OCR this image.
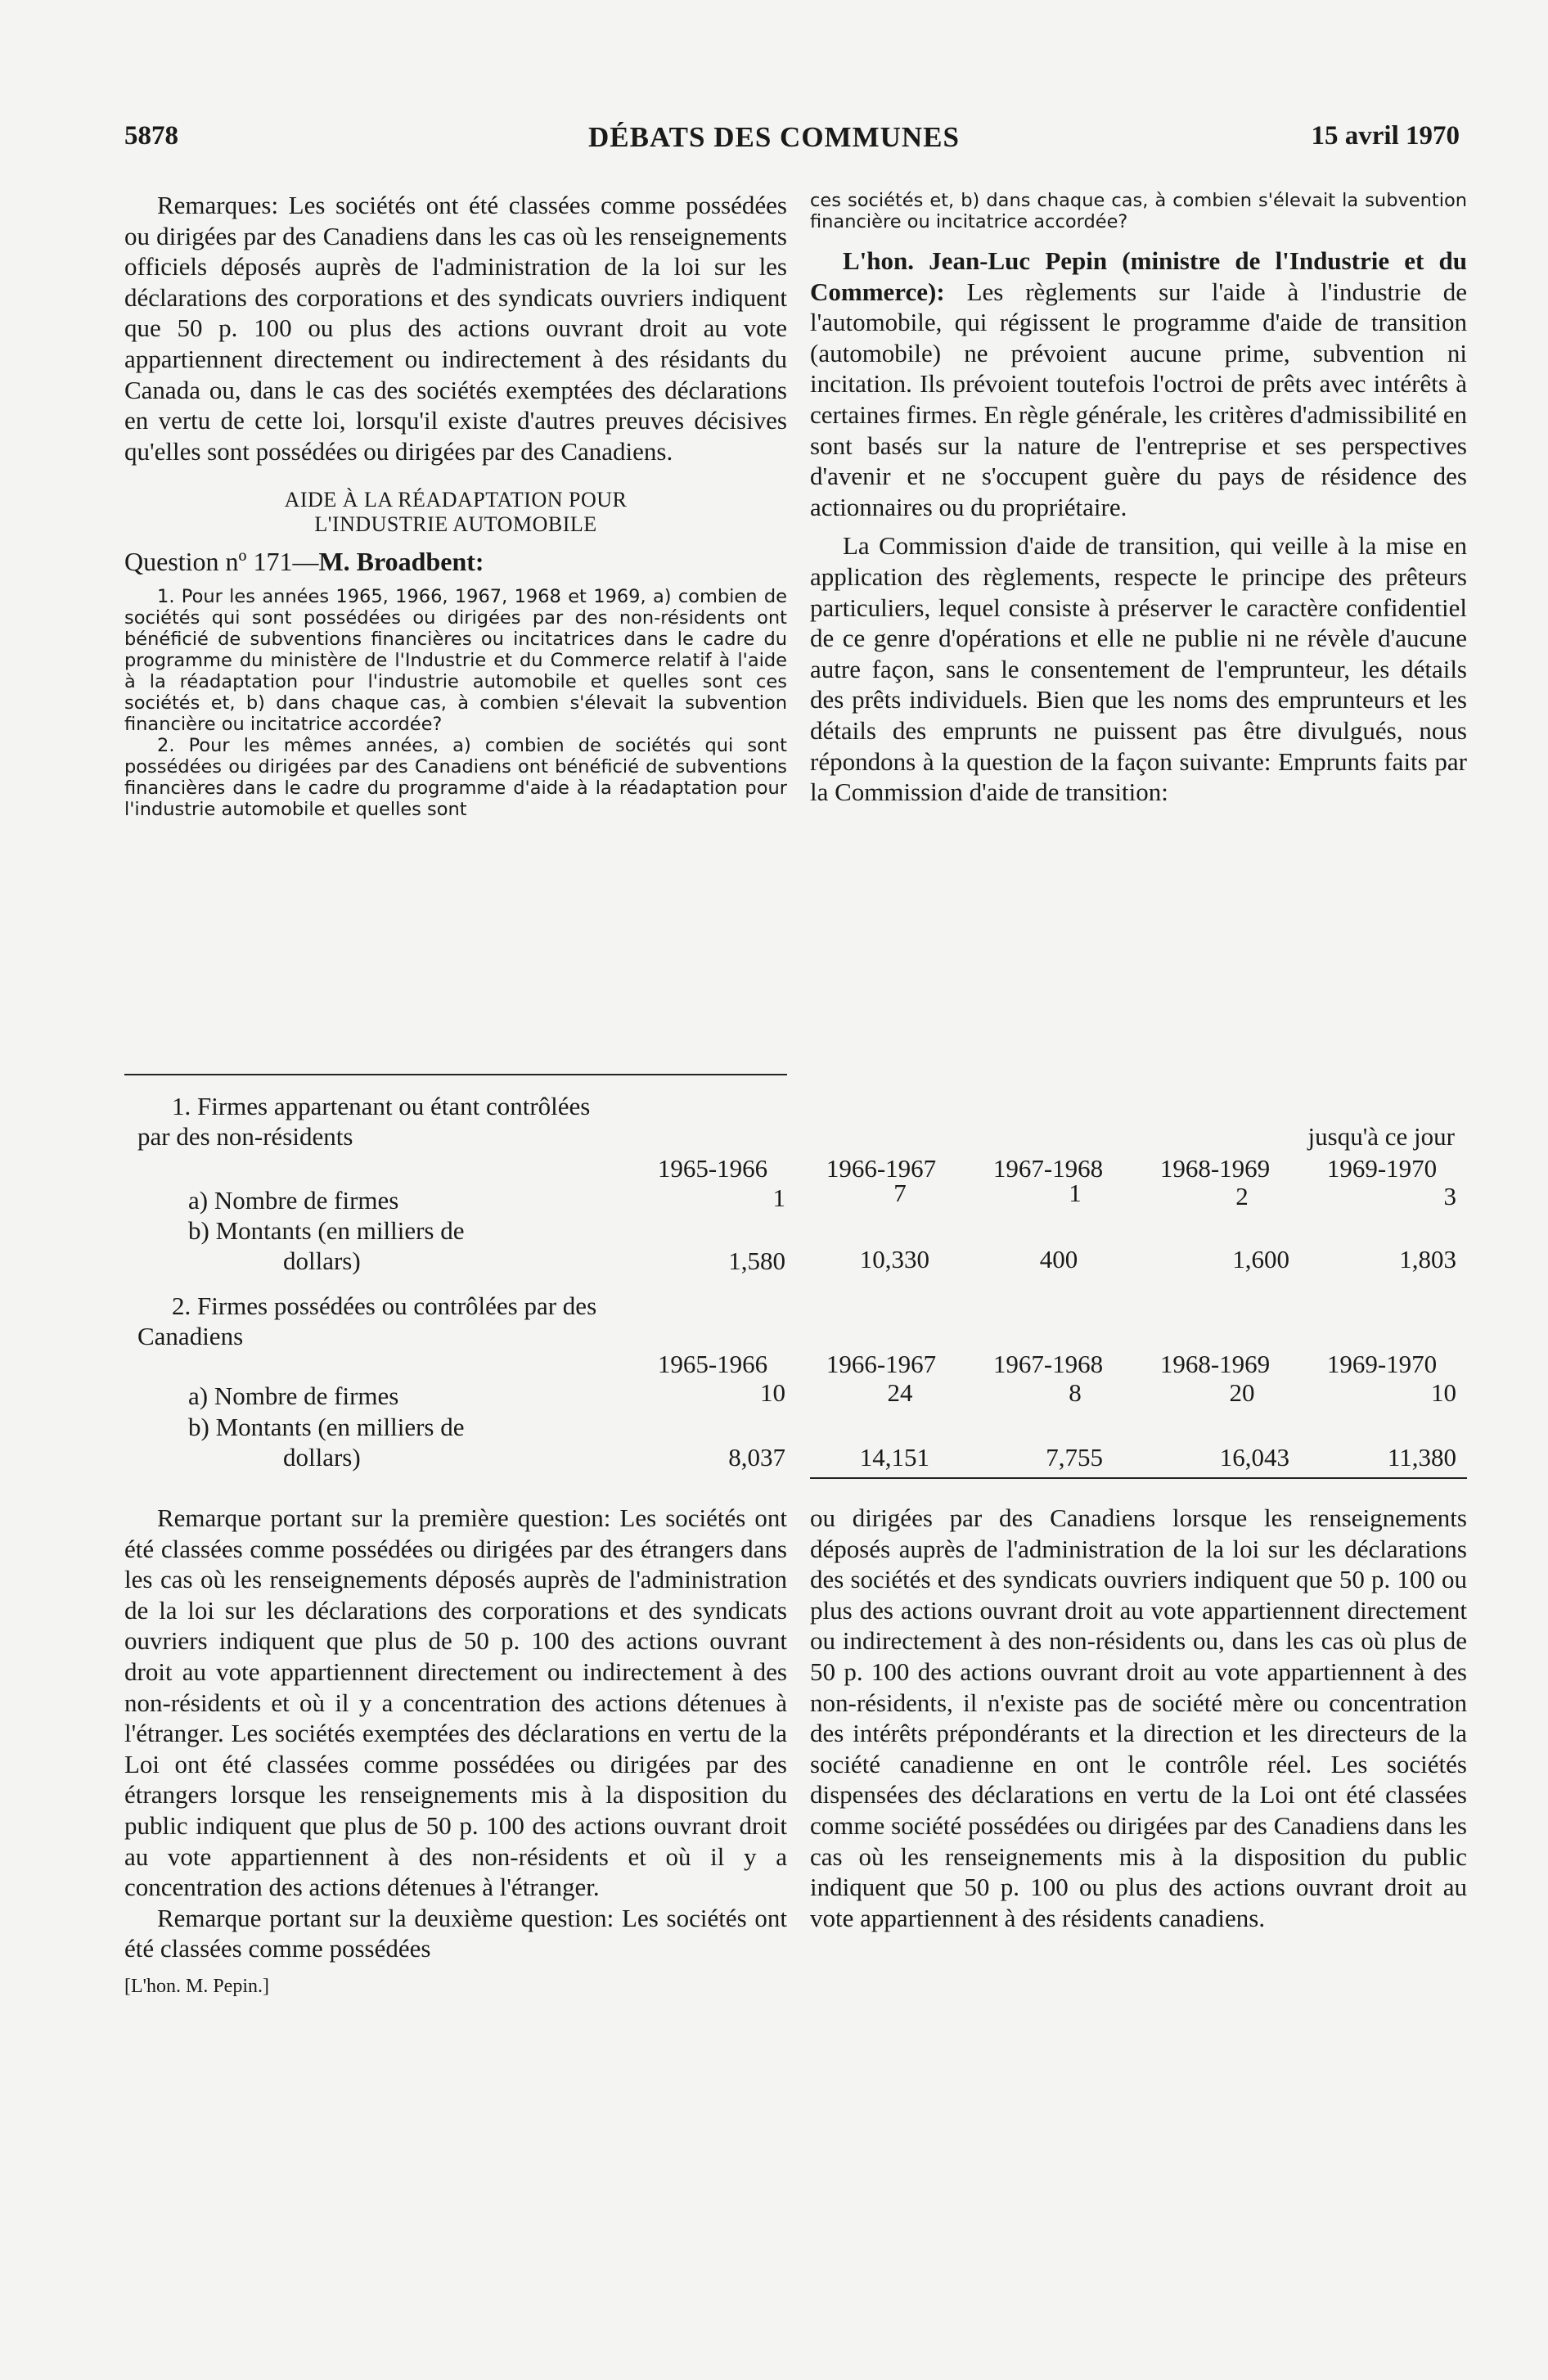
5878	DÉBATS DES COMMUNES	15 avril 1970

Remarques: Les sociétés ont été classées comme possédées ou dirigées par des Canadiens dans les cas où les renseignements officiels déposés auprès de l'administration de la loi sur les déclarations des corporations et des syndicats ouvriers indiquent que 50 p. 100 ou plus des actions ouvrant droit au vote appartiennent directement ou indirectement à des résidants du Canada ou, dans le cas des sociétés exemptées des déclarations en vertu de cette loi, lorsqu'il existe d'autres preuves décisives qu'elles sont possédées ou dirigées par des Canadiens.

AIDE À LA RÉADAPTATION POUR

L'INDUSTRIE AUTOMOBILE

Question nº 171—M. Broadbent:

1. Pour les années 1965, 1966, 1967, 1968 et 1969, a) combien de sociétés qui sont possédées ou dirigées par des non-résidents ont bénéficié de subventions financières ou incitatrices dans le cadre du programme du ministère de l'Industrie et du Commerce relatif à l'aide à la réadaptation pour l'industrie automobile et quelles sont ces sociétés et, b) dans chaque cas, à combien s'élevait la subvention financière ou incitatrice accordée?

2. Pour les mêmes années, a) combien de sociétés qui sont possédées ou dirigées par des Canadiens ont bénéficié de subventions financières dans le cadre du programme d'aide à la réadaptation pour l'industrie automobile et quelles sont

ces sociétés et, b) dans chaque cas, à combien s'élevait la subvention financière ou incitatrice accordée?

L'hon. Jean-Luc Pepin (ministre de l'Industrie et du Commerce): Les règlements sur l'aide à l'industrie de l'automobile, qui régissent le programme d'aide de transition (automobile) ne prévoient aucune prime, subvention ni incitation. Ils prévoient toutefois l'octroi de prêts avec intérêts à certaines firmes. En règle générale, les critères d'admissibilité en sont basés sur la nature de l'entreprise et ses perspectives d'avenir et ne s'occupent guère du pays de résidence des actionnaires ou du propriétaire.

La Commission d'aide de transition, qui veille à la mise en application des règlements, respecte le principe des prêteurs particuliers, lequel consiste à préserver le caractère confidentiel de ce genre d'opérations et elle ne publie ni ne révèle d'aucune autre façon, sans le consentement de l'emprunteur, les détails des prêts individuels. Bien que les noms des emprunteurs et les détails des emprunts ne puissent pas être divulgués, nous répondons à la question de la façon suivante: Emprunts faits par la Commission d'aide de transition:

1. Firmes appartenant ou étant contrôlées
par des non-résidents	jusqu'à ce jour
1965-1966	1966-1967	1967-1968	1968-1969	1969-1970
a) Nombre de firmes	1	7	1	2	3
b) Montants (en milliers de
dollars)	1,580	10,330	400	1,600	1,803
2. Firmes possédées ou contrôlées par des
Canadiens
1965-1966	1966-1967	1967-1968	1968-1969	1969-1970
a) Nombre de firmes	10	24	8	20	10
b) Montants (en milliers de
dollars)	8,037	14,151	7,755	16,043	11,380

Remarque portant sur la première question: Les sociétés ont été classées comme possédées ou dirigées par des étrangers dans les cas où les renseignements déposés auprès de l'administration de la loi sur les déclarations des corporations et des syndicats ouvriers indiquent que plus de 50 p. 100 des actions ouvrant droit au vote appartiennent directement ou indirectement à des non-résidents et où il y a concentration des actions détenues à l'étranger. Les sociétés exemptées des déclarations en vertu de la Loi ont été classées comme possédées ou dirigées par des étrangers lorsque les renseignements mis à la disposition du public indiquent que plus de 50 p. 100 des actions ouvrant droit au vote appartiennent à des non-résidents et où il y a concentration des actions détenues à l'étranger.

Remarque portant sur la deuxième question: Les sociétés ont été classées comme possédées

[L'hon. M. Pepin.]

ou dirigées par des Canadiens lorsque les renseignements déposés auprès de l'administration de la loi sur les déclarations des sociétés et des syndicats ouvriers indiquent que 50 p. 100 ou plus des actions ouvrant droit au vote appartiennent directement ou indirectement à des non-résidents ou, dans les cas où plus de 50 p. 100 des actions ouvrant droit au vote appartiennent à des non-résidents, il n'existe pas de société mère ou concentration des intérêts prépondérants et la direction et les directeurs de la société canadienne en ont le contrôle réel. Les sociétés dispensées des déclarations en vertu de la Loi ont été classées comme société possédées ou dirigées par des Canadiens dans les cas où les renseignements mis à la disposition du public indiquent que 50 p. 100 ou plus des actions ouvrant droit au vote appartiennent à des résidents canadiens.
